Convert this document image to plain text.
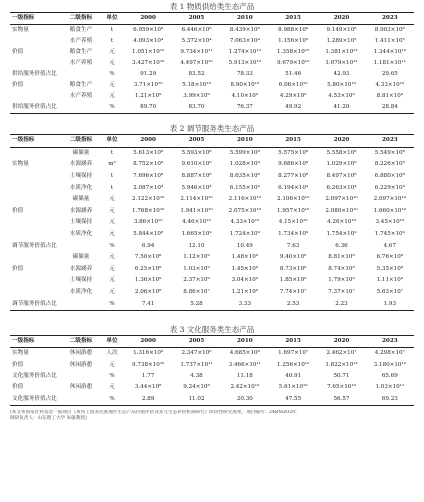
表 1 物质供给类生态产品
一级指标	二级指标	单位	2000	2005	2010	2015	2020	2023
实物量	粮食生产	t	6.959×10⁶	6.446×10⁶	8.439×10⁶	8.988×10⁶	9.149×10⁶	8.903×10⁶
	水产养殖	t	4.093×10⁴	5.372×10⁴	7.063×10⁴	1.156×10⁵	1.289×10⁵	1.411×10⁵
价值	粮食生产	元	1.051×10¹²	9.734×10¹¹	1.274×10¹²	1.358×10¹²	1.381×10¹²	1.344×10¹²
	水产养殖	元	3.427×10¹⁰	4.497×10¹⁰	5.913×10¹⁰	9.679×10¹⁰	1.079×10¹¹	1.181×10¹¹
供给服务价值占比		%	91.29	83.52	78.33	51.46	42.93	29.65
价值	粮食生产	元	3.71×10¹⁰	5.18×10¹⁰	8.90×10¹⁰	6.06×10¹⁰	5.80×10¹⁰	4.33×10¹⁰
	水产养殖	元	1.21×10⁹	3.99×10⁹	4.10×10⁹	4.29×10⁹	4.53×10⁹	8.81×10⁹
供给服务价值占比		%	89.70	83.70	76.37	49.92	41.20	28.84
表 2 调节服务类生态产品
一级指标	二级指标	单位	2000	2005	2010	2015	2020	2023
	碳储量	t	5.613×10⁸	5.593×10⁸	5.599×10⁸	5.575×10⁸	5.558×10⁸	5.549×10⁸
实物量	水源涵养	m³	8.752×10⁹	9.610×10⁹	1.028×10⁹	9.686×10⁹	1.029×10⁹	8.226×10⁹
	土壤保持	t	7.696×10⁸	8.887×10⁸	8.635×10⁸	8.277×10⁸	8.497×10⁸	6.880×10⁸
	水质净化	t	2.087×10⁴	5.946×10⁴	6.155×10⁴	6.194×10⁴	6.263×10⁴	6.229×10⁴
	碳储量	元	2.122×10¹⁰	2.114×10¹⁰	2.116×10¹⁰	2.106×10¹⁰	2.097×10¹⁰	2.097×10¹⁰
价值	水源涵养	元	1.768×10¹⁰	1.941×10¹⁰	2.075×10¹⁰	1.957×10¹⁰	2.080×10¹⁰	1.660×10¹⁰
	土壤保持	元	3.86×10¹⁰	4.46×10¹⁰	4.33×10¹⁰	4.15×10¹⁰	4.26×10¹⁰	3.45×10¹⁰
	水质净化	元	5.844×10⁸	1.665×10⁹	1.724×10⁹	1.734×10⁹	1.754×10⁹	1.745×10⁹
调节服务价值占比		%	6.94	12.10	10.49	7.63	6.36	4.67
	碳储量	元	7.50×10⁸	1.12×10⁹	1.48×10⁹	9.40×10⁸	8.81×10⁸	6.76×10⁸
价值	水源涵养	元	6.25×10⁸	1.03×10⁹	1.45×10⁹	8.73×10⁸	8.74×10⁸	5.35×10⁸
	土壤保持	元	1.36×10⁹	2.37×10⁹	3.04×10⁹	1.85×10⁹	1.79×10⁹	1.11×10⁹
	水质净化	元	2.06×10⁸	8.86×10⁷	1.21×10⁸	7.74×10⁷	7.37×10⁷	5.63×10⁷
调节服务价值占比		%	7.41	5.28	3.33	2.53	2.23	1.93
表 3 文化服务类生态产品
一级指标	二级指标	单位	2000	2005	2010	2015	2020	2023
实物量	休闲游憩	人次	1.316×10⁶	2.347×10⁶	4.685×10⁶	1.697×10⁷	2.462×10⁷	4.298×10⁷
价值	休闲游憩	元	9.738×10¹⁰	1.737×10¹¹	3.466×10¹¹	1.256×10¹²	1.822×10¹²	3.180×10¹²
文化服务价值占比		%	1.77	4.38	11.18	40.91	50.71	65.69
价值	休闲游憩	元	3.44×10⁸	9.24×10⁸	2.42×10¹⁰	5.61×10¹⁰	7.65×10¹⁰	1.03×10¹¹
文化服务价值占比		%	2.89	11.02	20.30	47.55	56.57	69.23
(本文系国家社科基金一般项目《黄河上游多民族地区生态产品价值评估及多元生态补偿机制研究》阶段性研究成果，项目编号：24BMZ029；
调研负责人：山东理工大学 朱敏教授)
